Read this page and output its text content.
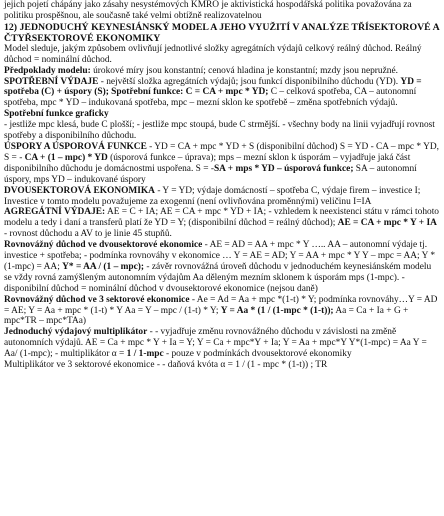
jejich pojetí chápány jako zásahy nesystémových KMRO je aktivistická hospodářská politika považována za politiku prospěšnou, ale současně také velmi obtížně realizovatelnou

12) JEDNODUCHÝ KEYNESIÁNSKÝ MODEL A JEHO VYUŽITÍ V ANALÝZE TŘÍSEKTOROVÉ A ČTYŘSEKTOROVÉ EKONOMIKY

Model sleduje, jakým způsobem ovlivňují jednotlivé složky agregátních výdajů celkový reálný důchod. Reálný důchod = nominální důchod.

Předpoklady modelu: úrokové míry jsou konstantní; cenová hladina je konstantní; mzdy jsou nepružné.

SPOTŘEBNÍ VÝDAJE - největší složka agregátních výdajů; jsou funkcí disponibilního důchodu (YD). YD = spotřeba (C) + úspory (S); Spotřební funkce: C = CA + mpc * YD; C – celková spotřeba, CA – autonomní spotřeba, mpc * YD – indukovaná spotřeba, mpc – mezní sklon ke spotřebě – změna spotřebních výdajů.

Spotřební funkce graficky
- jestliže mpc klesá, bude C plošší; - jestliže mpc stoupá, bude C strmější. - všechny body na linii vyjadřují rovnost spotřeby a disponibilního důchodu.

ÚSPORY A ÚSPOROVÁ FUNKCE - YD = CA + mpc * YD + S (disponibilní důchod) S = YD - CA – mpc * YD, S = - CA + (1 – mpc) * YD (úsporová funkce – úprava); mps – mezní sklon k úsporám – vyjadřuje jaká část disponibilního důchodu je domácnostmi uspořena. S = -SA + mps * YD – úsporová funkce; SA – autonomní úspory, mps YD – indukované úspory

DVOUSEKTOROVÁ EKONOMIKA - Y = YD; výdaje domácností – spotřeba C, výdaje firem – investice I; Investice v tomto modelu považujeme za exogenní (není ovlivňována proměnnými) veličinu I=IA

AGREGÁTNÍ VÝDAJE: AE = C + IA; AE = CA + mpc * YD + IA; - vzhledem k neexistenci státu v rámci tohoto modelu a tedy i daní a transferů platí že YD = Y; (disponibilní důchod = reálný důchod); AE = CA + mpc * Y + IA
- rovnost důchodu a AV to je linie 45 stupňů.

Rovnovážný důchod ve dvousektorové ekonomice - AE = AD = AA + mpc * Y ….. AA – autonomní výdaje tj. investice + spotřeba; - podmínka rovnováhy v ekonomice … Y = AE = AD; Y = AA + mpc * Y Y – mpc = AA; Y * (1-mpc) = AA; Y* = AA / (1 – mpc); - závěr rovnovážná úroveň důchodu v jednoduchém keynesiánském modelu se vždy rovná zamýšleným autonomním výdajům Aa děleným mezním sklonem k úsporám mps (1-mpc). - disponibilní důchod = nominální důchod v dvousektorové ekonomice (nejsou daně)

Rovnovážný důchod ve 3 sektorové ekonomice - Ae = Ad = Aa + mpc *(1-t) * Y; podmínka rovnováhy…Y = AD = AE; Y = Aa + mpc * (1-t) * Y Aa = Y – mpc / (1-t) * Y; Y = Aa * (1 / (1-mpc * (1-t)); Aa = Ca + Ia + G + mpc*TR – mpc*TAa)

Jednoduchý výdajový multiplikátor - - vyjadřuje změnu rovnovážného důchodu v závislosti na změně autonomních výdajů. AE = Ca + mpc * Y + Ia = Y; Y = Ca + mpc*Y + Ia; Y = Aa + mpc*Y Y*(1-mpc) = Aa Y = Aa/ (1-mpc); - multiplikátor α = 1 / 1-mpc - pouze v podmínkách dvousektorové ekonomiky

Multiplikátor ve 3 sektorové ekonomice - - daňová kvóta α = 1 / (1 - mpc * (1-t)) ; TR
